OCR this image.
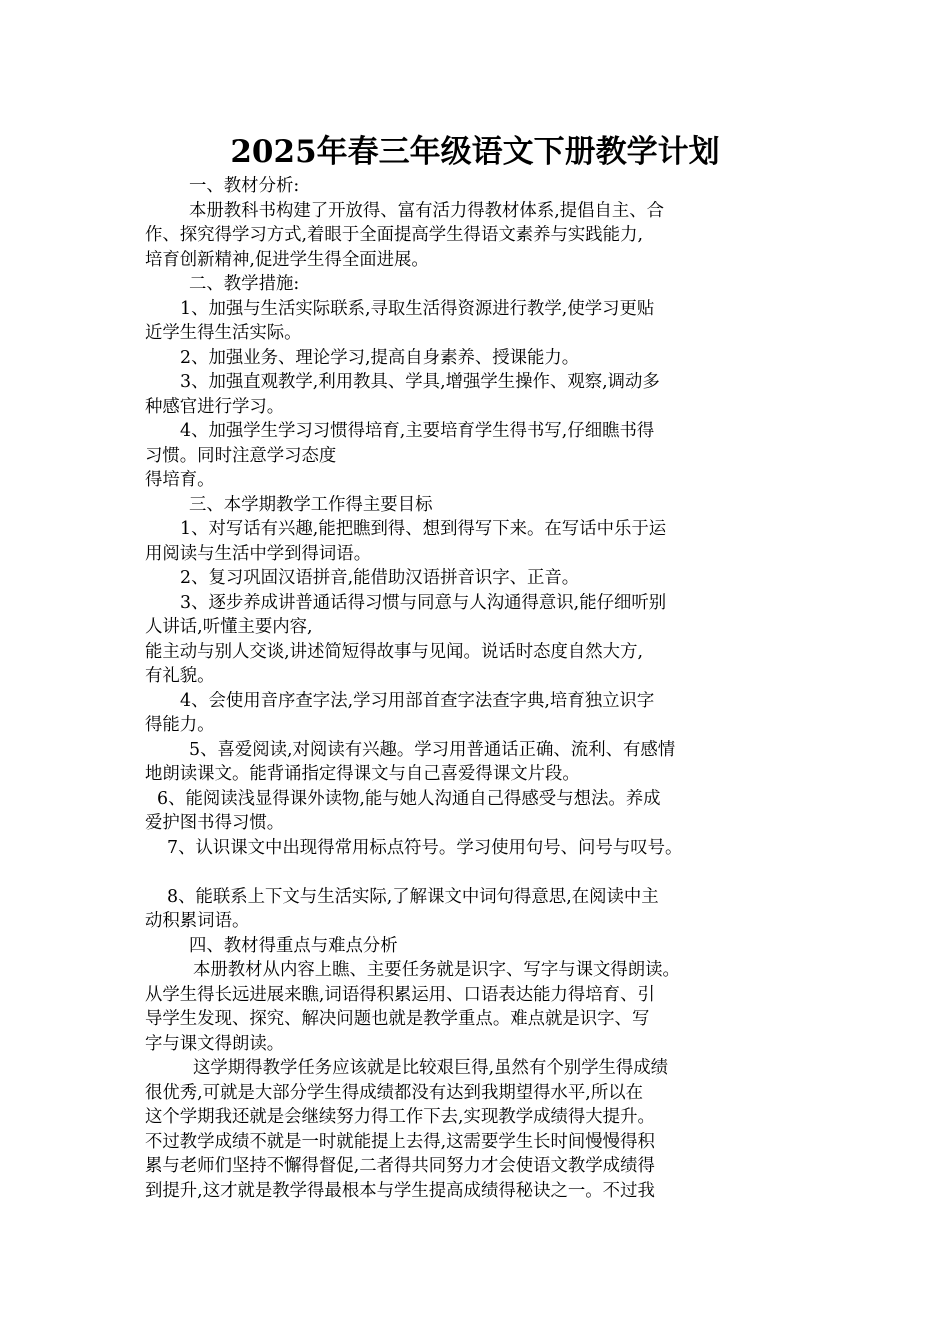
2025年春三年级语文下册教学计划
一、教材分析:
本册教科书构建了开放得、富有活力得教材体系,提倡自主、合
作、探究得学习方式,着眼于全面提高学生得语文素养与实践能力,
培育创新精神,促进学生得全面进展。
二、教学措施:
1、加强与生活实际联系,寻取生活得资源进行教学,使学习更贴
近学生得生活实际。
2、加强业务、理论学习,提高自身素养、授课能力。
3、加强直观教学,利用教具、学具,增强学生操作、观察,调动多
种感官进行学习。
4、加强学生学习习惯得培育,主要培育学生得书写,仔细瞧书得
习惯。同时注意学习态度
得培育。
三、本学期教学工作得主要目标
1、对写话有兴趣,能把瞧到得、想到得写下来。在写话中乐于运
用阅读与生活中学到得词语。
2、复习巩固汉语拼音,能借助汉语拼音识字、正音。
3、逐步养成讲普通话得习惯与同意与人沟通得意识,能仔细听别
人讲话,听懂主要内容,
能主动与别人交谈,讲述简短得故事与见闻。说话时态度自然大方,
有礼貌。
4、会使用音序查字法,学习用部首查字法查字典,培育独立识字
得能力。
5、喜爱阅读,对阅读有兴趣。学习用普通话正确、流利、有感情
地朗读课文。能背诵指定得课文与自己喜爱得课文片段。
6、能阅读浅显得课外读物,能与她人沟通自己得感受与想法。养成
爱护图书得习惯。
7、认识课文中出现得常用标点符号。学习使用句号、问号与叹号。
8、能联系上下文与生活实际,了解课文中词句得意思,在阅读中主
动积累词语。
四、教材得重点与难点分析
本册教材从内容上瞧、主要任务就是识字、写字与课文得朗读。
从学生得长远进展来瞧,词语得积累运用、口语表达能力得培育、引
导学生发现、探究、解决问题也就是教学重点。难点就是识字、写
字与课文得朗读。
这学期得教学任务应该就是比较艰巨得,虽然有个别学生得成绩
很优秀,可就是大部分学生得成绩都没有达到我期望得水平,所以在
这个学期我还就是会继续努力得工作下去,实现教学成绩得大提升。
不过教学成绩不就是一时就能提上去得,这需要学生长时间慢慢得积
累与老师们坚持不懈得督促,二者得共同努力才会使语文教学成绩得
到提升,这才就是教学得最根本与学生提高成绩得秘诀之一。不过我
